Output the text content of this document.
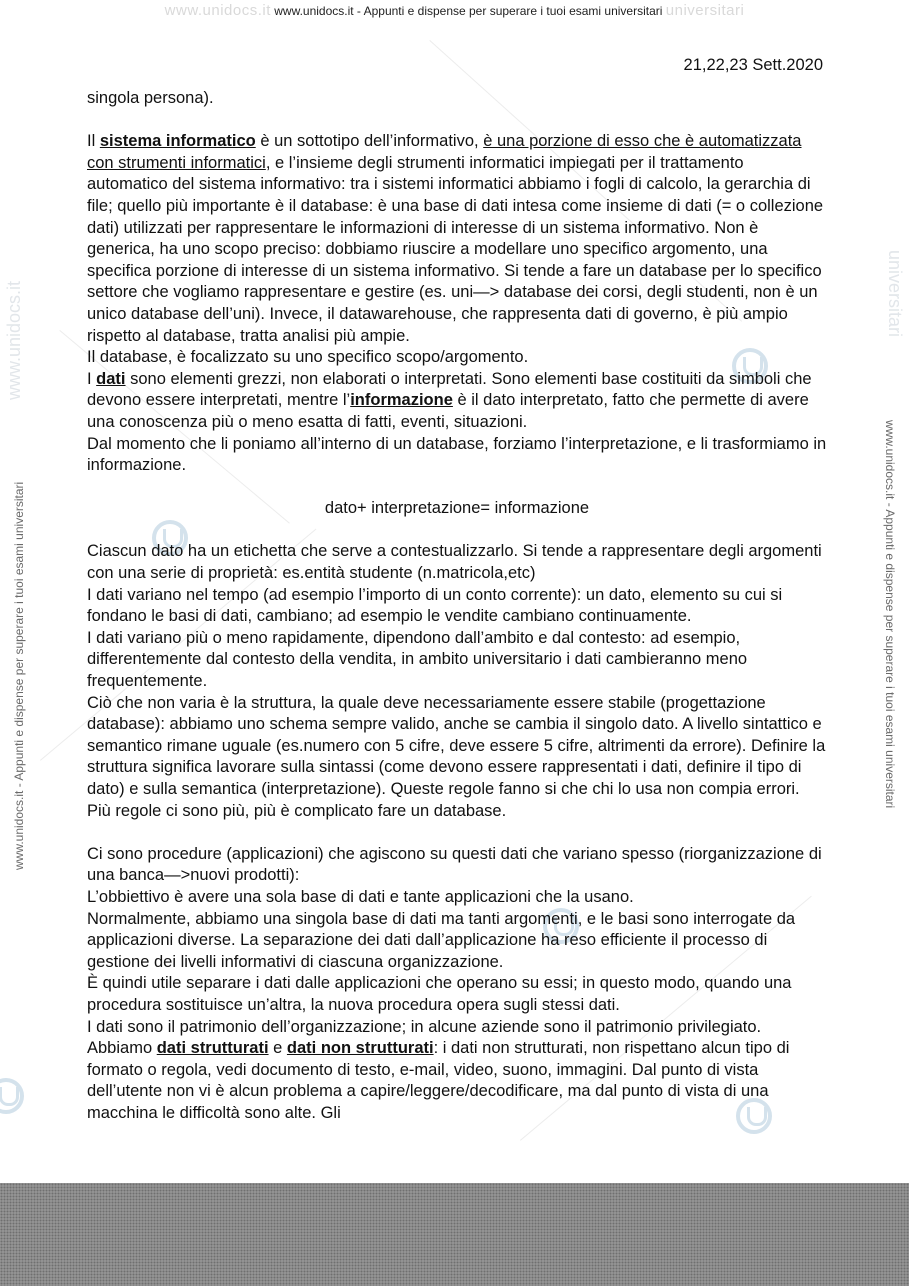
www.unidocs.it www.unidocs.it - Appunti e dispense per superare i tuoi esami universitari universitari
www.unidocs.it - Appunti e dispense per superare i tuoi esami universitari	www.unidocs.it - Appunti e dispense per superare i tuoi esami universitari
www.unidocs.it	universitari
21,22,23 Sett.2020

singola persona).

Il sistema informatico è un sottotipo dell’informativo, è una porzione di esso che è automatizzata con strumenti informatici, e l’insieme degli strumenti informatici impiegati per il trattamento automatico del sistema informativo: tra i sistemi informatici abbiamo i fogli di calcolo, la gerarchia di file; quello più importante è il database: è una base di dati intesa come insieme di dati (= o collezione dati) utilizzati per rappresentare le informazioni di interesse di un sistema informativo. Non è generica, ha uno scopo preciso: dobbiamo riuscire a modellare uno specifico argomento, una specifica porzione di interesse di un sistema informativo. Si tende a fare un database per lo specifico settore che vogliamo rappresentare e gestire (es. uni—> database dei corsi, degli studenti, non è un unico database dell’uni). Invece, il datawarehouse, che rappresenta dati di governo, è più ampio rispetto al database, tratta analisi più ampie.

Il database, è focalizzato su uno specifico scopo/argomento.

I dati sono elementi grezzi, non elaborati o interpretati. Sono elementi base costituiti da simboli che devono essere interpretati, mentre l’informazione è il dato interpretato, fatto che permette di avere una conoscenza più o meno esatta di fatti, eventi, situazioni.

Dal momento che li poniamo all’interno di un database, forziamo l’interpretazione, e li trasformiamo in informazione.

dato+ interpretazione= informazione

Ciascun dato ha un etichetta che serve a contestualizzarlo. Si tende a rappresentare degli argomenti con una serie di proprietà: es.entità studente (n.matricola,etc)

I dati variano nel tempo (ad esempio l’importo di un conto corrente): un dato, elemento su cui si fondano le basi di dati, cambiano; ad esempio le vendite cambiano continuamente.

I dati variano più o meno rapidamente, dipendono dall’ambito e dal contesto: ad esempio, differentemente dal contesto della vendita, in ambito universitario i dati cambieranno meno frequentemente.

Ciò che non varia è la struttura, la quale deve necessariamente essere stabile (progettazione database): abbiamo uno schema sempre valido, anche se cambia il singolo dato. A livello sintattico e semantico rimane uguale (es.numero con 5 cifre, deve essere 5 cifre, altrimenti da errore). Definire la struttura significa lavorare sulla sintassi (come devono essere rappresentati i dati, definire il tipo di dato) e sulla semantica (interpretazione). Queste regole fanno si che chi lo usa non compia errori. Più regole ci sono più, più è complicato fare un database.

Ci sono procedure (applicazioni) che agiscono su questi dati che variano spesso (riorganizzazione di una banca—>nuovi prodotti):

L’obbiettivo è avere una sola base di dati e tante applicazioni che la usano.

Normalmente, abbiamo una singola base di dati ma tanti argomenti, e le basi sono interrogate da applicazioni diverse. La separazione dei dati dall’applicazione ha reso efficiente il processo di gestione dei livelli informativi di ciascuna organizzazione.

È quindi utile separare i dati dalle applicazioni che operano su essi; in questo modo, quando una procedura sostituisce un’altra, la nuova procedura opera sugli stessi dati.

I dati sono il patrimonio dell’organizzazione; in alcune aziende sono il patrimonio privilegiato.

Abbiamo dati strutturati e dati non strutturati: i dati non strutturati, non rispettano alcun tipo di formato o regola, vedi documento di testo, e-mail, video, suono, immagini. Dal punto di vista dell’utente non vi è alcun problema a capire/leggere/decodificare, ma dal punto di vista di una macchina le difficoltà sono alte. Gli
